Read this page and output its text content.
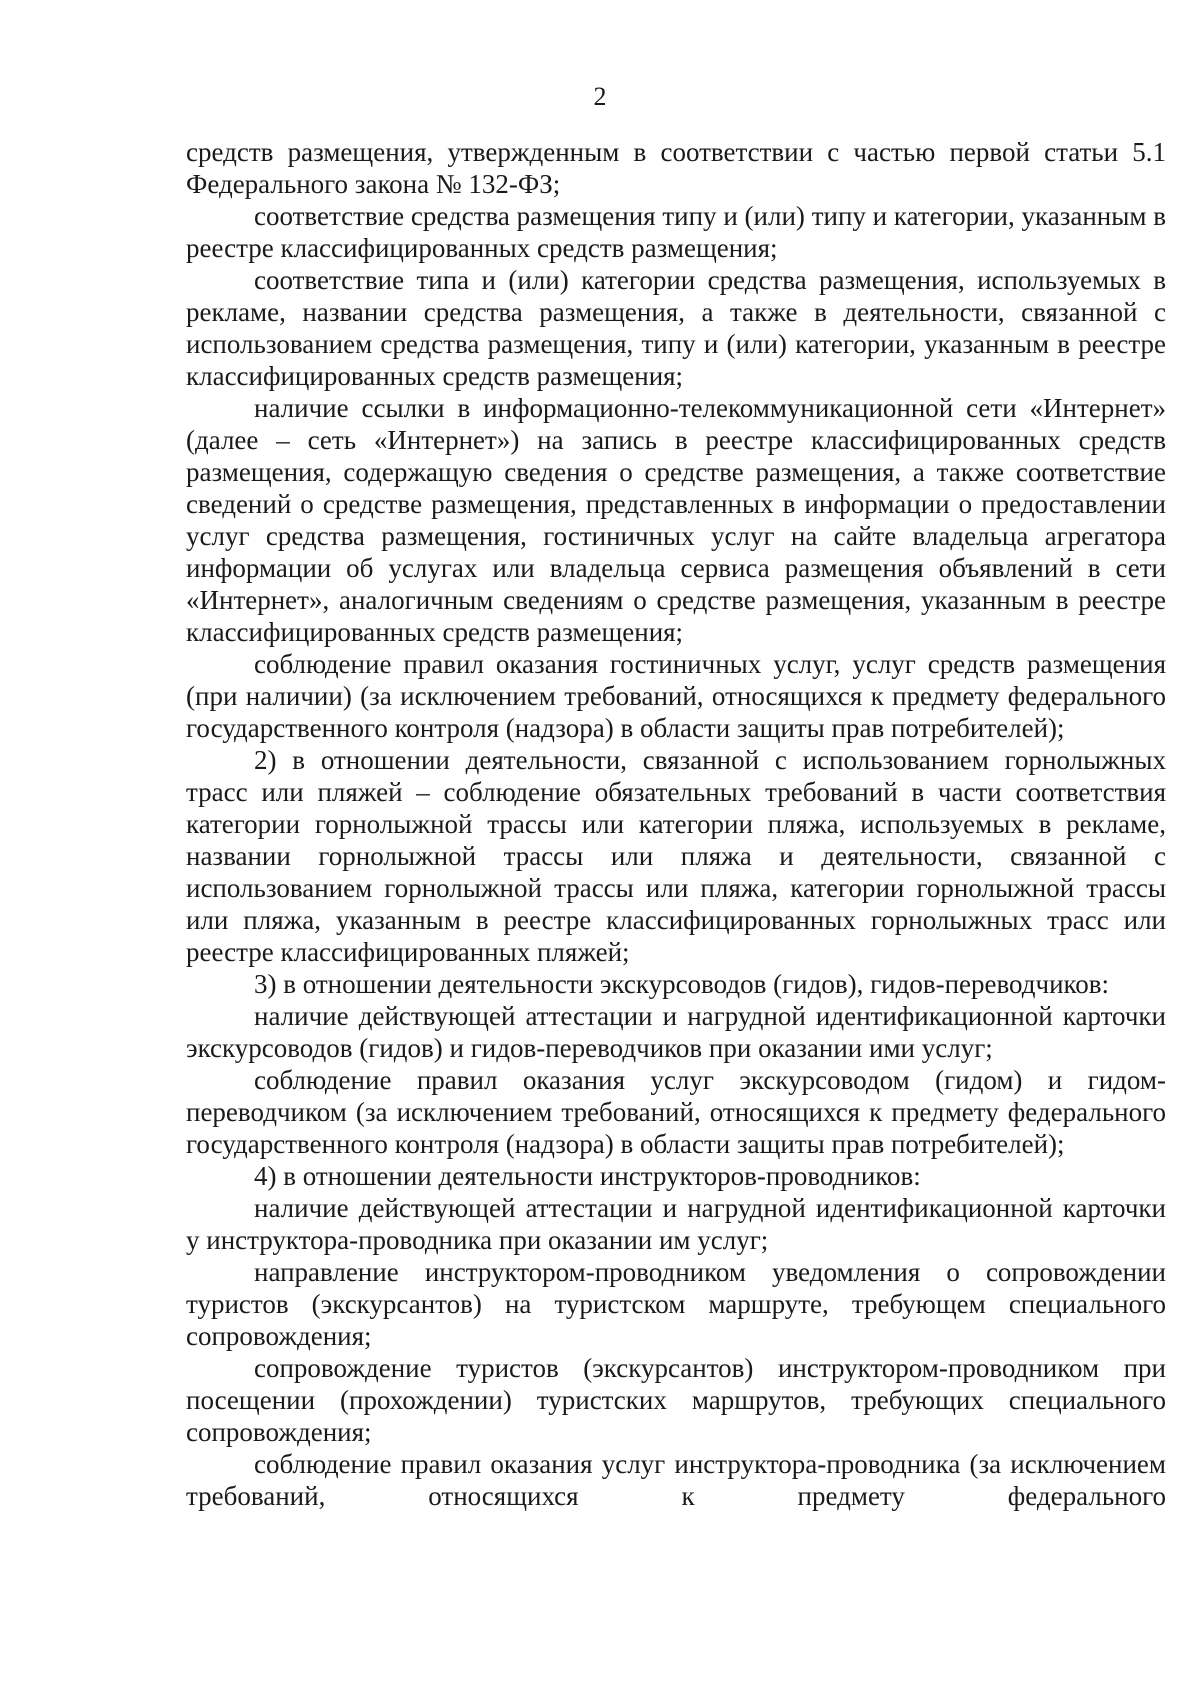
2

средств размещения, утвержденным в соответствии с частью первой статьи 5.1 Федерального закона № 132-ФЗ;

соответствие средства размещения типу и (или) типу и категории, указанным в реестре классифицированных средств размещения;

соответствие типа и (или) категории средства размещения, используемых в рекламе, названии средства размещения, а также в деятельности, связанной с использованием средства размещения, типу и (или) категории, указанным в реестре классифицированных средств размещения;

наличие ссылки в информационно-телекоммуникационной сети «Интернет» (далее – сеть «Интернет») на запись в реестре классифицированных средств размещения, содержащую сведения о средстве размещения, а также соответствие сведений о средстве размещения, представленных в информации о предоставлении услуг средства размещения, гостиничных услуг на сайте владельца агрегатора информации об услугах или владельца сервиса размещения объявлений в сети «Интернет», аналогичным сведениям о средстве размещения, указанным в реестре классифицированных средств размещения;

соблюдение правил оказания гостиничных услуг, услуг средств размещения (при наличии) (за исключением требований, относящихся к предмету федерального государственного контроля (надзора) в области защиты прав потребителей);

2) в отношении деятельности, связанной с использованием горнолыжных трасс или пляжей – соблюдение обязательных требований в части соответствия категории горнолыжной трассы или категории пляжа, используемых в рекламе, названии горнолыжной трассы или пляжа и деятельности, связанной с использованием горнолыжной трассы или пляжа, категории горнолыжной трассы или пляжа, указанным в реестре классифицированных горнолыжных трасс или реестре классифицированных пляжей;

3) в отношении деятельности экскурсоводов (гидов), гидов-переводчиков:

наличие действующей аттестации и нагрудной идентификационной карточки экскурсоводов (гидов) и гидов-переводчиков при оказании ими услуг;

соблюдение правил оказания услуг экскурсоводом (гидом) и гидом-переводчиком (за исключением требований, относящихся к предмету федерального государственного контроля (надзора) в области защиты прав потребителей);

4) в отношении деятельности инструкторов-проводников:

наличие действующей аттестации и нагрудной идентификационной карточки у инструктора-проводника при оказании им услуг;

направление инструктором-проводником уведомления о сопровождении туристов (экскурсантов) на туристском маршруте, требующем специального сопровождения;

сопровождение туристов (экскурсантов) инструктором-проводником при посещении (прохождении) туристских маршрутов, требующих специального сопровождения;

соблюдение правил оказания услуг инструктора-проводника (за исключением требований, относящихся к предмету федерального
